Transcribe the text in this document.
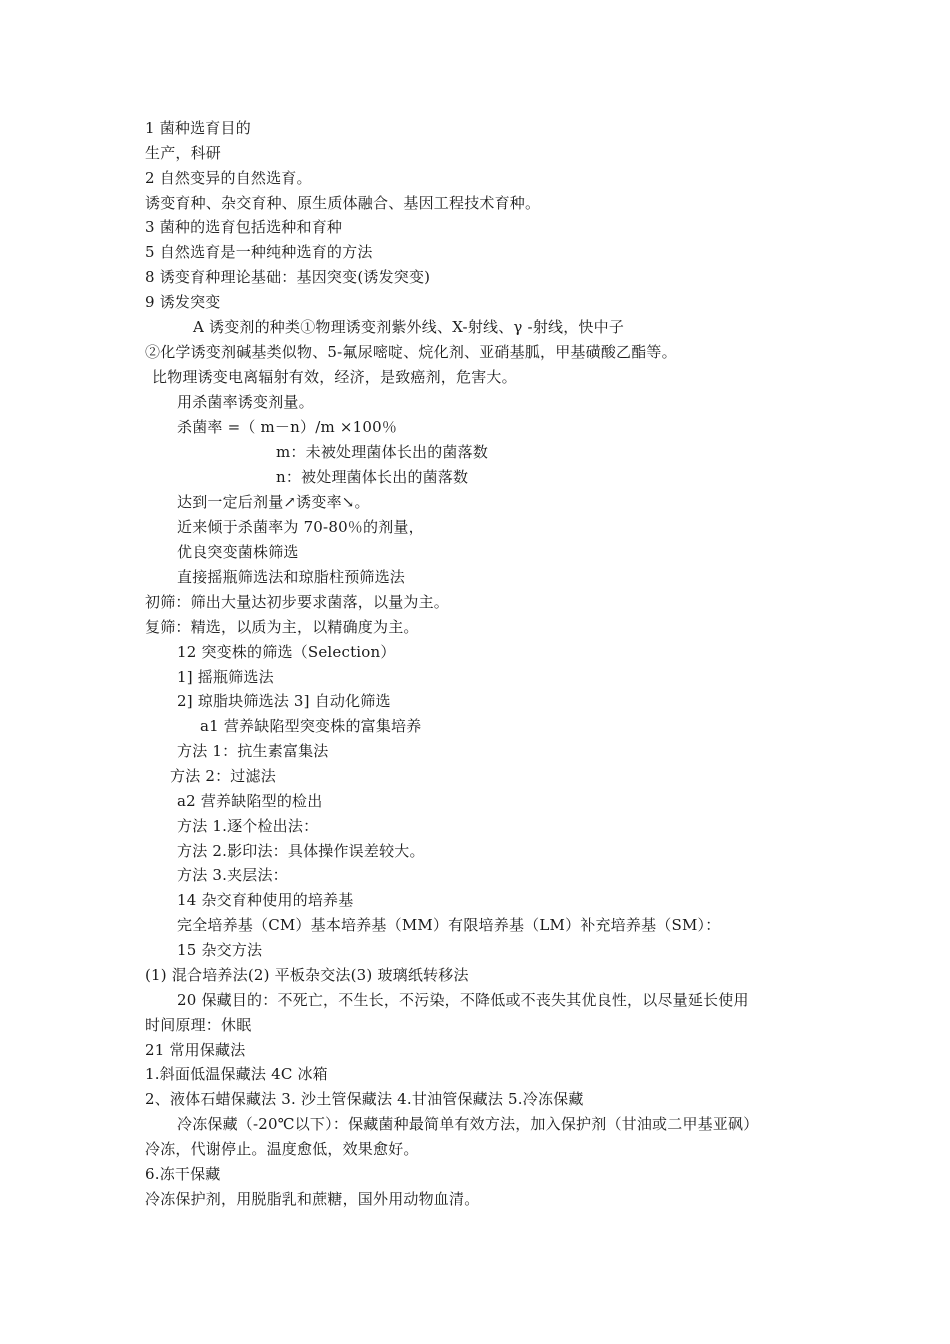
1 菌种选育目的
生产，科研
2 自然变异的自然选育。
诱变育种、杂交育种、原生质体融合、基因工程技术育种。
3 菌种的选育包括选种和育种
5 自然选育是一种纯种选育的方法
8 诱变育种理论基础：基因突变(诱发突变)
9 诱发突变
A 诱变剂的种类①物理诱变剂紫外线、X-射线、γ -射线，快中子
②化学诱变剂碱基类似物、5-氟尿嘧啶、烷化剂、亚硝基胍，甲基磺酸乙酯等。
比物理诱变电离辐射有效，经济，是致癌剂，危害大。
用杀菌率诱变剂量。
杀菌率 =（ m－n）/m ×100％
m：未被处理菌体长出的菌落数
n：被处理菌体长出的菌落数
达到一定后剂量↗诱变率↘。
近来倾于杀菌率为 70-80％的剂量，
优良突变菌株筛选
直接摇瓶筛选法和琼脂柱预筛选法
初筛：筛出大量达初步要求菌落，以量为主。
复筛：精选，以质为主，以精确度为主。
12 突变株的筛选（Selection）
1] 摇瓶筛选法
2] 琼脂块筛选法 3] 自动化筛选
a1 营养缺陷型突变株的富集培养
方法 1：抗生素富集法
方法 2：过滤法
a2 营养缺陷型的检出
方法 1.逐个检出法：
方法 2.影印法：具体操作误差较大。
方法 3.夹层法：
14 杂交育种使用的培养基
完全培养基（CM）基本培养基（MM）有限培养基（LM）补充培养基（SM）：
15 杂交方法
(1) 混合培养法(2) 平板杂交法(3) 玻璃纸转移法
20 保藏目的：不死亡，不生长，不污染，不降低或不丧失其优良性，以尽量延长使用
时间原理：休眠
21 常用保藏法
1.斜面低温保藏法 4C 冰箱
2、液体石蜡保藏法 3. 沙土管保藏法 4.甘油管保藏法 5.冷冻保藏
冷冻保藏（-20℃以下）：保藏菌种最简单有效方法，加入保护剂（甘油或二甲基亚砜）
冷冻，代谢停止。温度愈低，效果愈好。
6.冻干保藏
冷冻保护剂，用脱脂乳和蔗糖，国外用动物血清。
